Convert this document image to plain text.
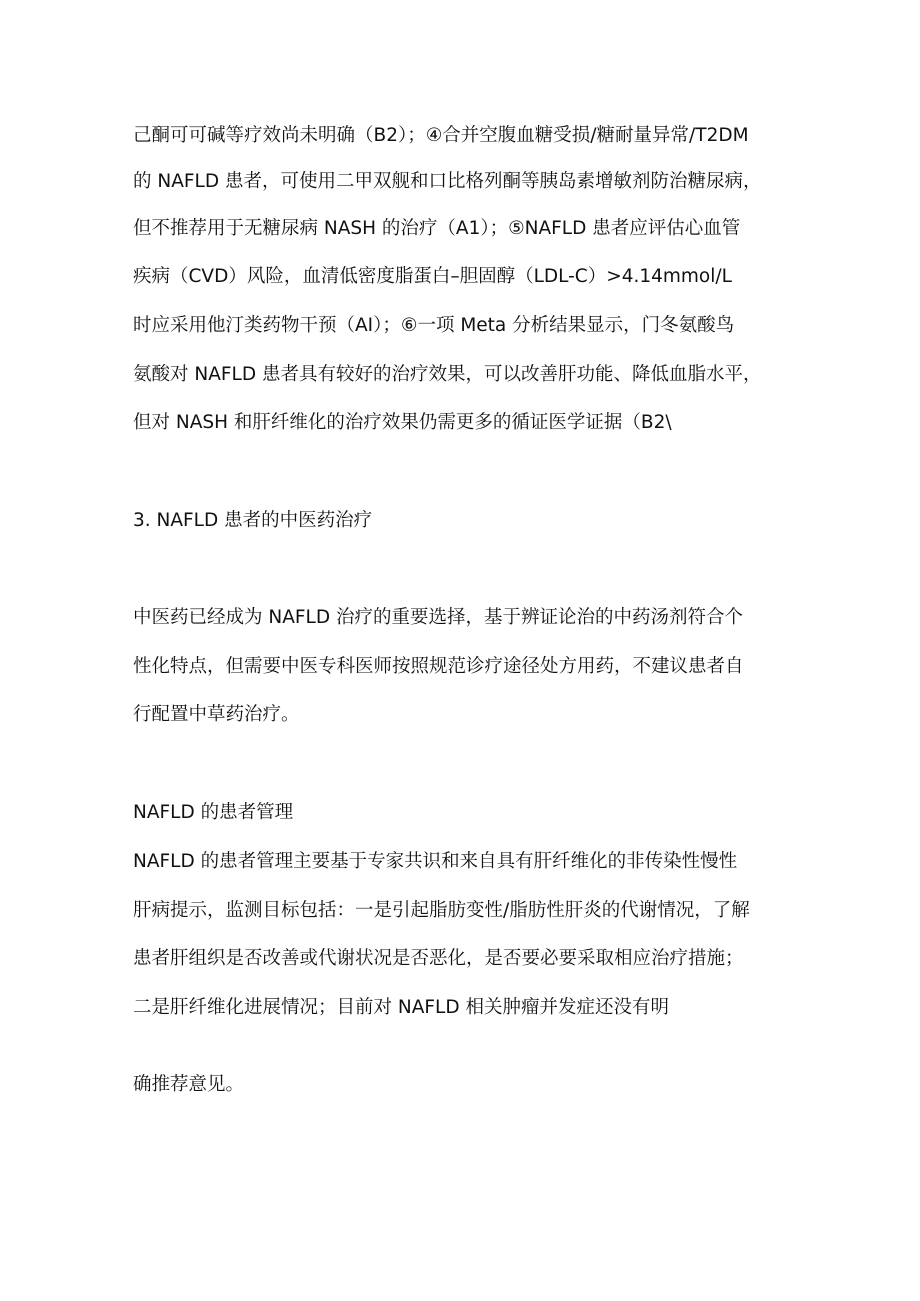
己酮可可碱等疗效尚未明确（B2）；④合并空腹血糖受损/糖耐量异常/T2DM
的 NAFLD 患者，可使用二甲双舰和口比格列酮等胰岛素增敏剂防治糖尿病，
但不推荐用于无糖尿病 NASH 的治疗（A1）；⑤NAFLD 患者应评估心血管
疾病（CVD）风险，血清低密度脂蛋白–胆固醇（LDL-C）>4.14mmol/L
时应采用他汀类药物干预（AI）；⑥一项 Meta 分析结果显示，门冬氨酸鸟
氨酸对 NAFLD 患者具有较好的治疗效果，可以改善肝功能、降低血脂水平，
但对 NASH 和肝纤维化的治疗效果仍需更多的循证医学证据（B2\
3. NAFLD 患者的中医药治疗
中医药已经成为 NAFLD 治疗的重要选择，基于辨证论治的中药汤剂符合个
性化特点，但需要中医专科医师按照规范诊疗途径处方用药，不建议患者自
行配置中草药治疗。
NAFLD 的患者管理
NAFLD 的患者管理主要基于专家共识和来自具有肝纤维化的非传染性慢性
肝病提示，监测目标包括：一是引起脂肪变性/脂肪性肝炎的代谢情况，了解
患者肝组织是否改善或代谢状况是否恶化，是否要必要采取相应治疗措施；
二是肝纤维化进展情况；目前对 NAFLD 相关肿瘤并发症还没有明
确推荐意见。
